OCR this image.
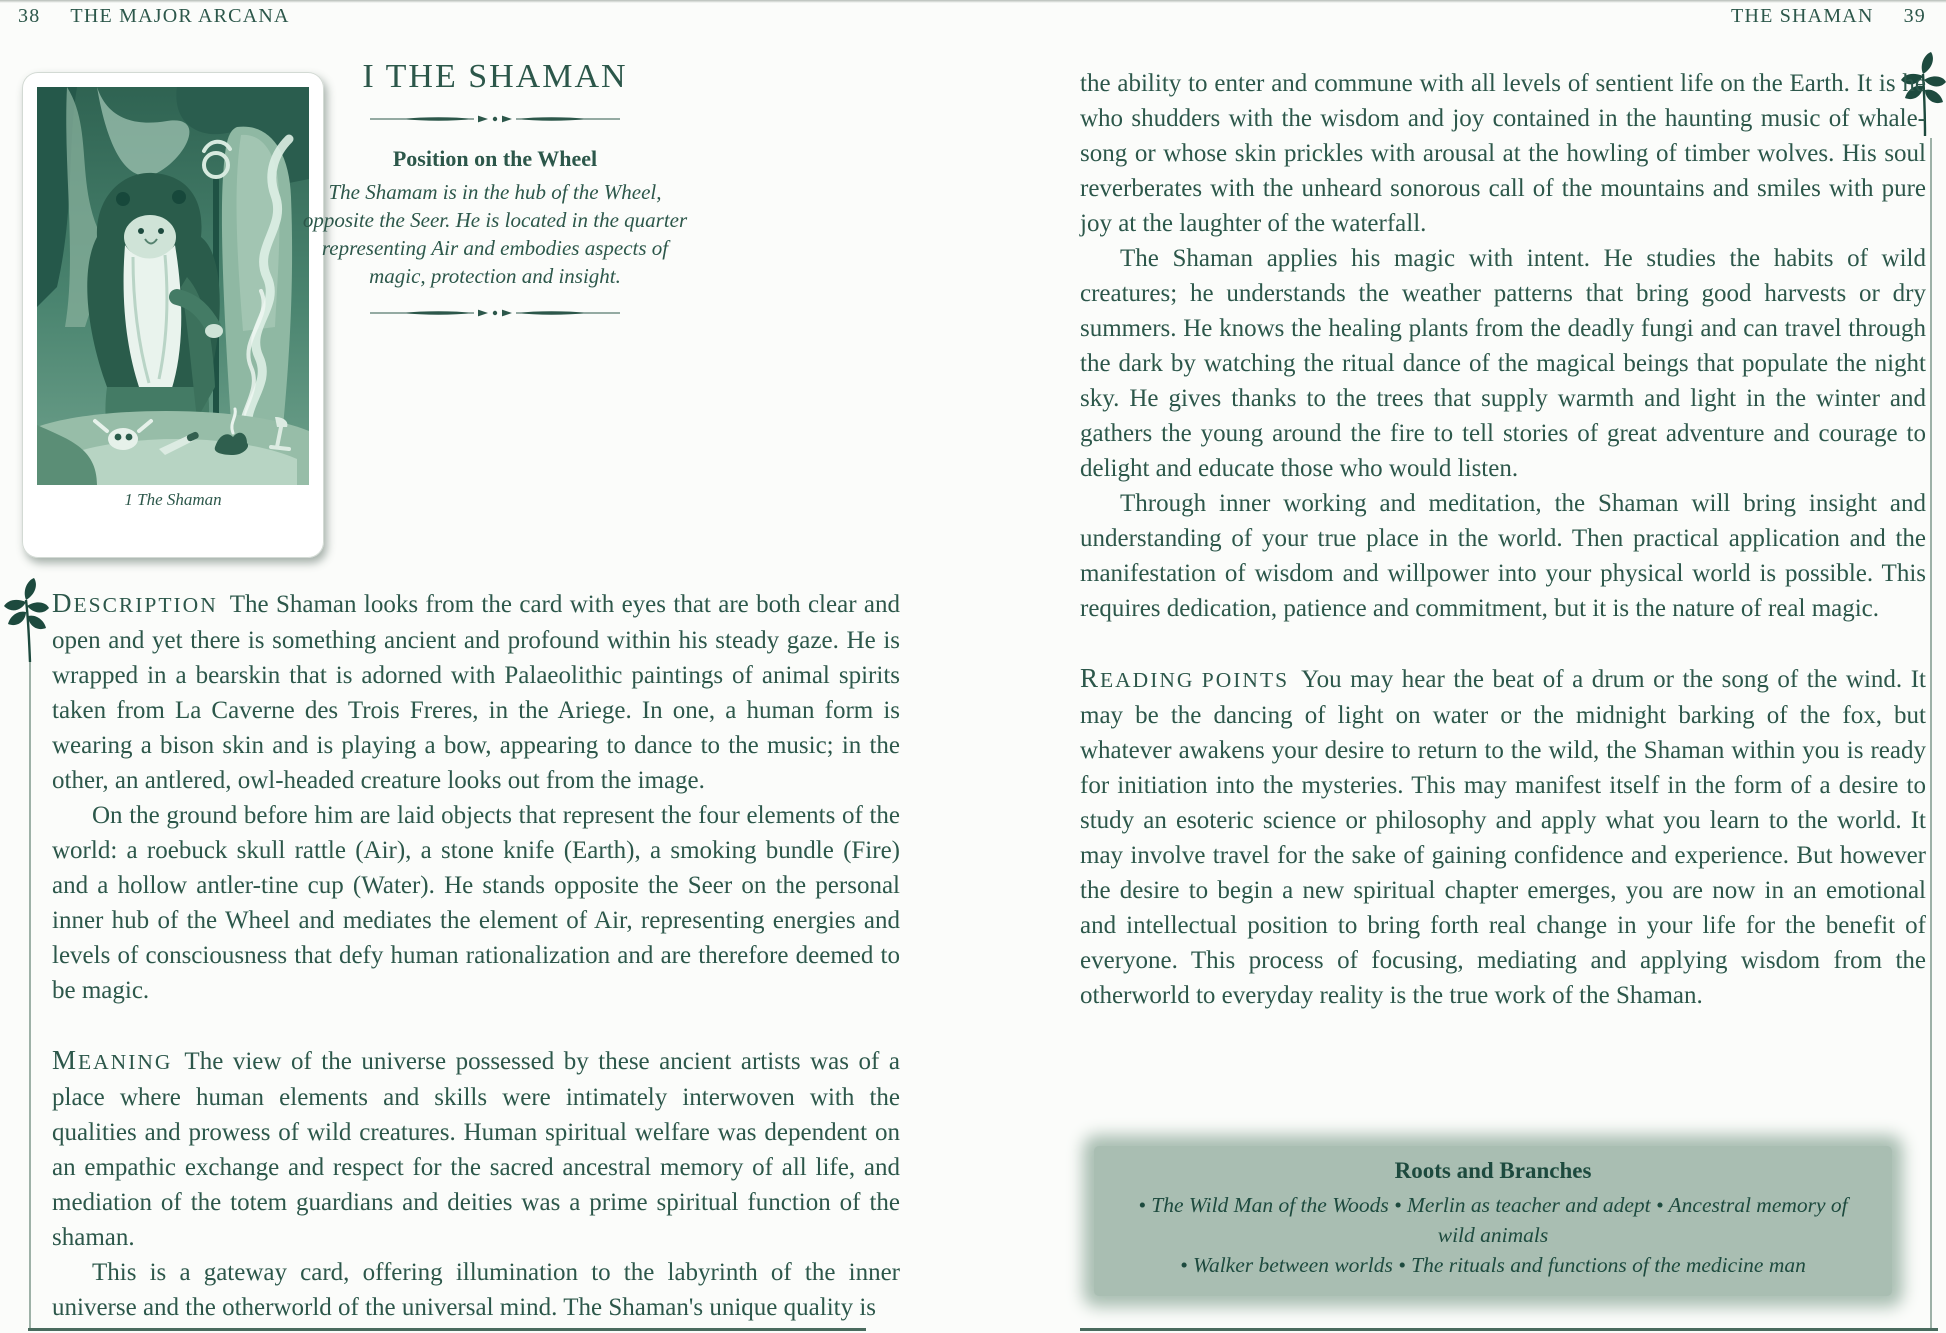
38 THE MAJOR ARCANA
1 The Shaman
I THE SHAMAN

Position on the Wheel

The Shamam is in the hub of the Wheel, opposite the Seer. He is located in the quarter representing Air and embodies aspects of magic, protection and insight.

DESCRIPTION The Shaman looks from the card with eyes that are both clear and open and yet there is something ancient and profound within his steady gaze. He is wrapped in a bearskin that is adorned with Palaeolithic paintings of animal spirits taken from La Caverne des Trois Freres, in the Ariege. In one, a human form is wearing a bison skin and is playing a bow, appearing to dance to the music; in the other, an antlered, owl-headed creature looks out from the image.

On the ground before him are laid objects that represent the four elements of the world: a roebuck skull rattle (Air), a stone knife (Earth), a smoking bundle (Fire) and a hollow antler-tine cup (Water). He stands opposite the Seer on the personal inner hub of the Wheel and mediates the element of Air, representing energies and levels of consciousness that defy human rationalization and are therefore deemed to be magic.

MEANING The view of the universe possessed by these ancient artists was of a place where human elements and skills were intimately interwoven with the qualities and prowess of wild creatures. Human spiritual welfare was dependent on an empathic exchange and respect for the sacred ancestral memory of all life, and mediation of the totem guardians and deities was a prime spiritual function of the shaman.

This is a gateway card, offering illumination to the labyrinth of the inner universe and the otherworld of the universal mind. The Shaman's unique quality is

THE SHAMAN 39

the ability to enter and commune with all levels of sentient life on the Earth. It is he who shudders with the wisdom and joy contained in the haunting music of whale-song or whose skin prickles with arousal at the howling of timber wolves. His soul reverberates with the unheard sonorous call of the mountains and smiles with pure joy at the laughter of the waterfall.

The Shaman applies his magic with intent. He studies the habits of wild creatures; he understands the weather patterns that bring good harvests or dry summers. He knows the healing plants from the deadly fungi and can travel through the dark by watching the ritual dance of the magical beings that populate the night sky. He gives thanks to the trees that supply warmth and light in the winter and gathers the young around the fire to tell stories of great adventure and courage to delight and educate those who would listen.

Through inner working and meditation, the Shaman will bring insight and understanding of your true place in the world. Then practical application and the manifestation of wisdom and willpower into your physical world is possible. This requires dedication, patience and commitment, but it is the nature of real magic.

READING POINTS You may hear the beat of a drum or the song of the wind. It may be the dancing of light on water or the midnight barking of the fox, but whatever awakens your desire to return to the wild, the Shaman within you is ready for initiation into the mysteries. This may manifest itself in the form of a desire to study an esoteric science or philosophy and apply what you learn to the world. It may involve travel for the sake of gaining confidence and experience. But however the desire to begin a new spiritual chapter emerges, you are now in an emotional and intellectual position to bring forth real change in your life for the benefit of everyone. This process of focusing, mediating and applying wisdom from the otherworld to everyday reality is the true work of the Shaman.

Roots and Branches

• The Wild Man of the Woods • Merlin as teacher and adept • Ancestral memory of wild animals

• Walker between worlds • The rituals and functions of the medicine man
